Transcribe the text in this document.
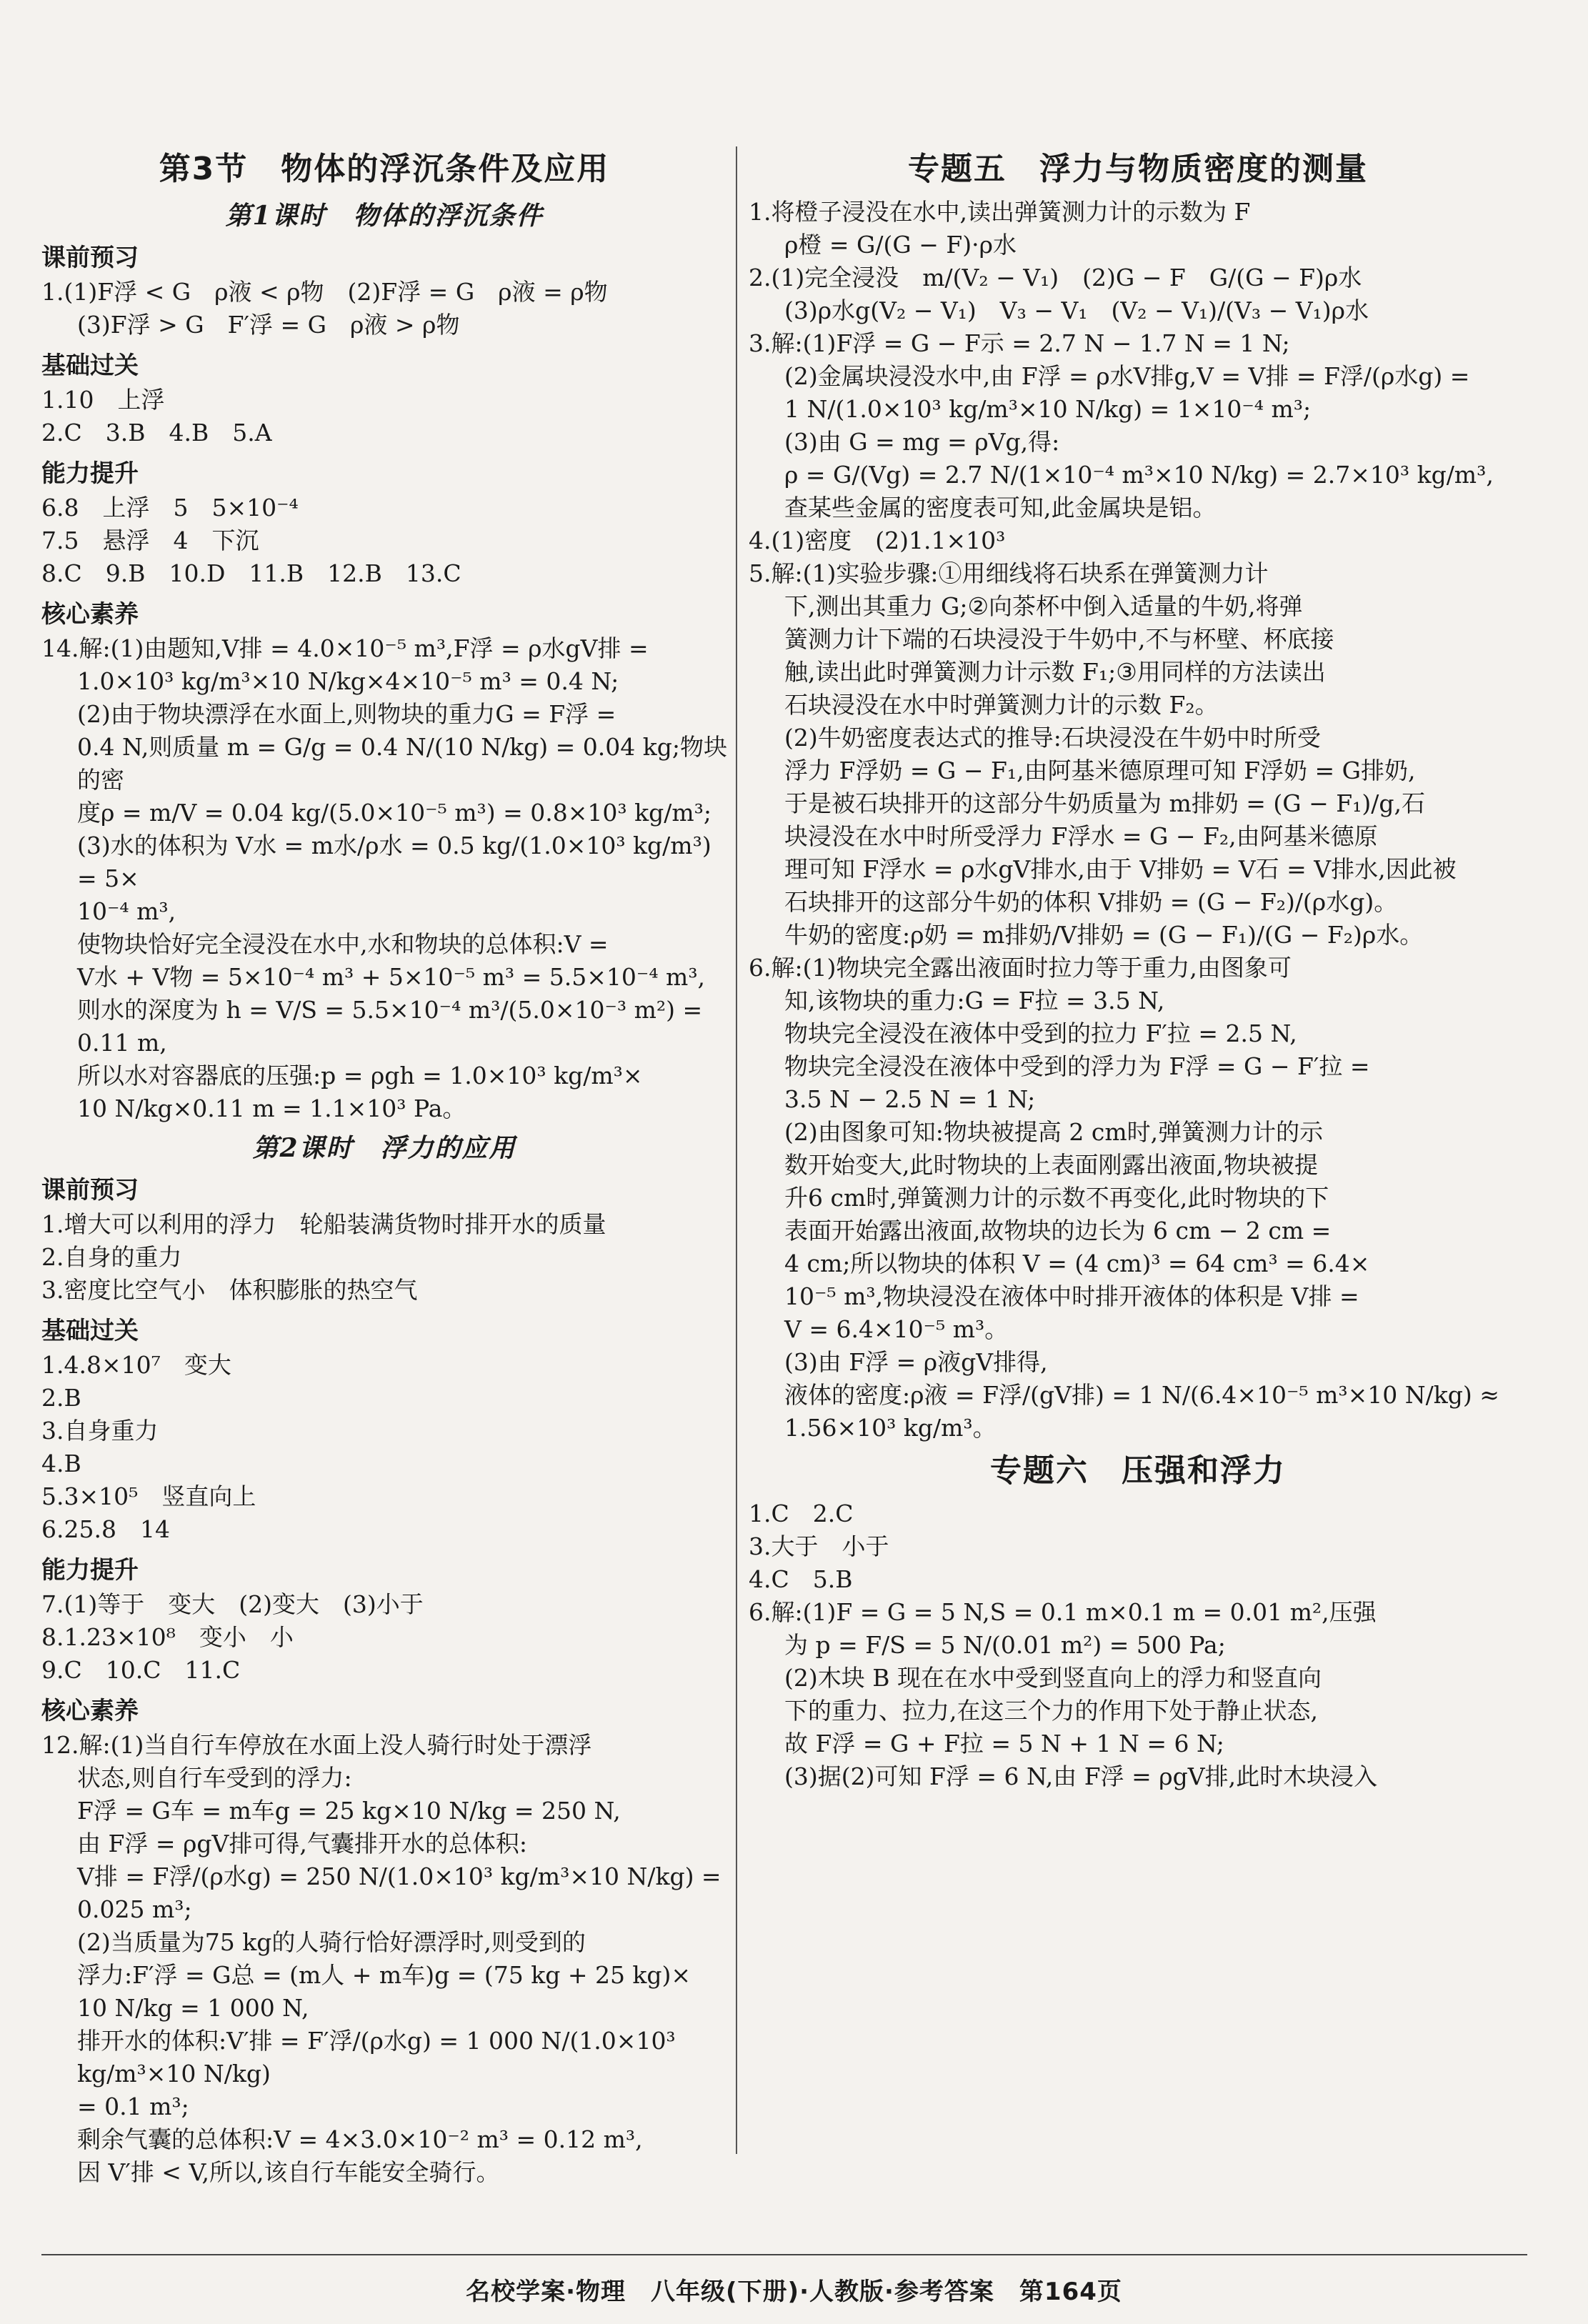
第3节　物体的浮沉条件及应用
第1课时　物体的浮沉条件
课前预习

1.(1)F浮 < G　ρ液 < ρ物　(2)F浮 = G　ρ液 = ρ物

(3)F浮 > G　F′浮 = G　ρ液 > ρ物

基础过关

1.10　上浮

2.C　3.B　4.B　5.A

能力提升

6.8　上浮　5　5×10⁻⁴

7.5　悬浮　4　下沉

8.C　9.B　10.D　11.B　12.B　13.C

核心素养

14.解:(1)由题知,V排 = 4.0×10⁻⁵ m³,F浮 = ρ水gV排 =

1.0×10³ kg/m³×10 N/kg×4×10⁻⁵ m³ = 0.4 N;

(2)由于物块漂浮在水面上,则物块的重力G = F浮 =

0.4 N,则质量 m = G/g = 0.4 N/(10 N/kg) = 0.04 kg;物块的密

度ρ = m/V = 0.04 kg/(5.0×10⁻⁵ m³) = 0.8×10³ kg/m³;

(3)水的体积为 V水 = m水/ρ水 = 0.5 kg/(1.0×10³ kg/m³) = 5×

10⁻⁴ m³,

使物块恰好完全浸没在水中,水和物块的总体积:V =

V水 + V物 = 5×10⁻⁴ m³ + 5×10⁻⁵ m³ = 5.5×10⁻⁴ m³,

则水的深度为 h = V/S = 5.5×10⁻⁴ m³/(5.0×10⁻³ m²) = 0.11 m,

所以水对容器底的压强:p = ρgh = 1.0×10³ kg/m³×

10 N/kg×0.11 m = 1.1×10³ Pa。

第2课时　浮力的应用
课前预习

1.增大可以利用的浮力　轮船装满货物时排开水的质量

2.自身的重力

3.密度比空气小　体积膨胀的热空气

基础过关

1.4.8×10⁷　变大

2.B

3.自身重力

4.B

5.3×10⁵　竖直向上

6.25.8　14

能力提升

7.(1)等于　变大　(2)变大　(3)小于

8.1.23×10⁸　变小　小

9.C　10.C　11.C

核心素养

12.解:(1)当自行车停放在水面上没人骑行时处于漂浮

状态,则自行车受到的浮力:

F浮 = G车 = m车g = 25 kg×10 N/kg = 250 N,

由 F浮 = ρgV排可得,气囊排开水的总体积:

V排 = F浮/(ρ水g) = 250 N/(1.0×10³ kg/m³×10 N/kg) = 0.025 m³;

(2)当质量为75 kg的人骑行恰好漂浮时,则受到的

浮力:F′浮 = G总 = (m人 + m车)g = (75 kg + 25 kg)×

10 N/kg = 1 000 N,

排开水的体积:V′排 = F′浮/(ρ水g) = 1 000 N/(1.0×10³ kg/m³×10 N/kg)

= 0.1 m³;

剩余气囊的总体积:V = 4×3.0×10⁻² m³ = 0.12 m³,

因 V′排 < V,所以,该自行车能安全骑行。

专题五　浮力与物质密度的测量

1.将橙子浸没在水中,读出弹簧测力计的示数为 F

ρ橙 = G/(G − F)·ρ水

2.(1)完全浸没　m/(V₂ − V₁)　(2)G − F　G/(G − F)ρ水

(3)ρ水g(V₂ − V₁)　V₃ − V₁　(V₂ − V₁)/(V₃ − V₁)ρ水

3.解:(1)F浮 = G − F示 = 2.7 N − 1.7 N = 1 N;

(2)金属块浸没水中,由 F浮 = ρ水V排g,V = V排 = F浮/(ρ水g) =

1 N/(1.0×10³ kg/m³×10 N/kg) = 1×10⁻⁴ m³;

(3)由 G = mg = ρVg,得:

ρ = G/(Vg) = 2.7 N/(1×10⁻⁴ m³×10 N/kg) = 2.7×10³ kg/m³,

查某些金属的密度表可知,此金属块是铝。

4.(1)密度　(2)1.1×10³

5.解:(1)实验步骤:①用细线将石块系在弹簧测力计

下,测出其重力 G;②向茶杯中倒入适量的牛奶,将弹

簧测力计下端的石块浸没于牛奶中,不与杯壁、杯底接

触,读出此时弹簧测力计示数 F₁;③用同样的方法读出

石块浸没在水中时弹簧测力计的示数 F₂。

(2)牛奶密度表达式的推导:石块浸没在牛奶中时所受

浮力 F浮奶 = G − F₁,由阿基米德原理可知 F浮奶 = G排奶,

于是被石块排开的这部分牛奶质量为 m排奶 = (G − F₁)/g,石

块浸没在水中时所受浮力 F浮水 = G − F₂,由阿基米德原

理可知 F浮水 = ρ水gV排水,由于 V排奶 = V石 = V排水,因此被

石块排开的这部分牛奶的体积 V排奶 = (G − F₂)/(ρ水g)。

牛奶的密度:ρ奶 = m排奶/V排奶 = (G − F₁)/(G − F₂)ρ水。

6.解:(1)物块完全露出液面时拉力等于重力,由图象可

知,该物块的重力:G = F拉 = 3.5 N,

物块完全浸没在液体中受到的拉力 F′拉 = 2.5 N,

物块完全浸没在液体中受到的浮力为 F浮 = G − F′拉 =

3.5 N − 2.5 N = 1 N;

(2)由图象可知:物块被提高 2 cm时,弹簧测力计的示

数开始变大,此时物块的上表面刚露出液面,物块被提

升6 cm时,弹簧测力计的示数不再变化,此时物块的下

表面开始露出液面,故物块的边长为 6 cm − 2 cm =

4 cm;所以物块的体积 V = (4 cm)³ = 64 cm³ = 6.4×

10⁻⁵ m³,物块浸没在液体中时排开液体的体积是 V排 =

V = 6.4×10⁻⁵ m³。

(3)由 F浮 = ρ液gV排得,

液体的密度:ρ液 = F浮/(gV排) = 1 N/(6.4×10⁻⁵ m³×10 N/kg) ≈

1.56×10³ kg/m³。

专题六　压强和浮力

1.C　2.C

3.大于　小于

4.C　5.B

6.解:(1)F = G = 5 N,S = 0.1 m×0.1 m = 0.01 m²,压强

为 p = F/S = 5 N/(0.01 m²) = 500 Pa;

(2)木块 B 现在在水中受到竖直向上的浮力和竖直向

下的重力、拉力,在这三个力的作用下处于静止状态,

故 F浮 = G + F拉 = 5 N + 1 N = 6 N;

(3)据(2)可知 F浮 = 6 N,由 F浮 = ρgV排,此时木块浸入

名校学案·物理　八年级(下册)·人教版·参考答案　第164页
